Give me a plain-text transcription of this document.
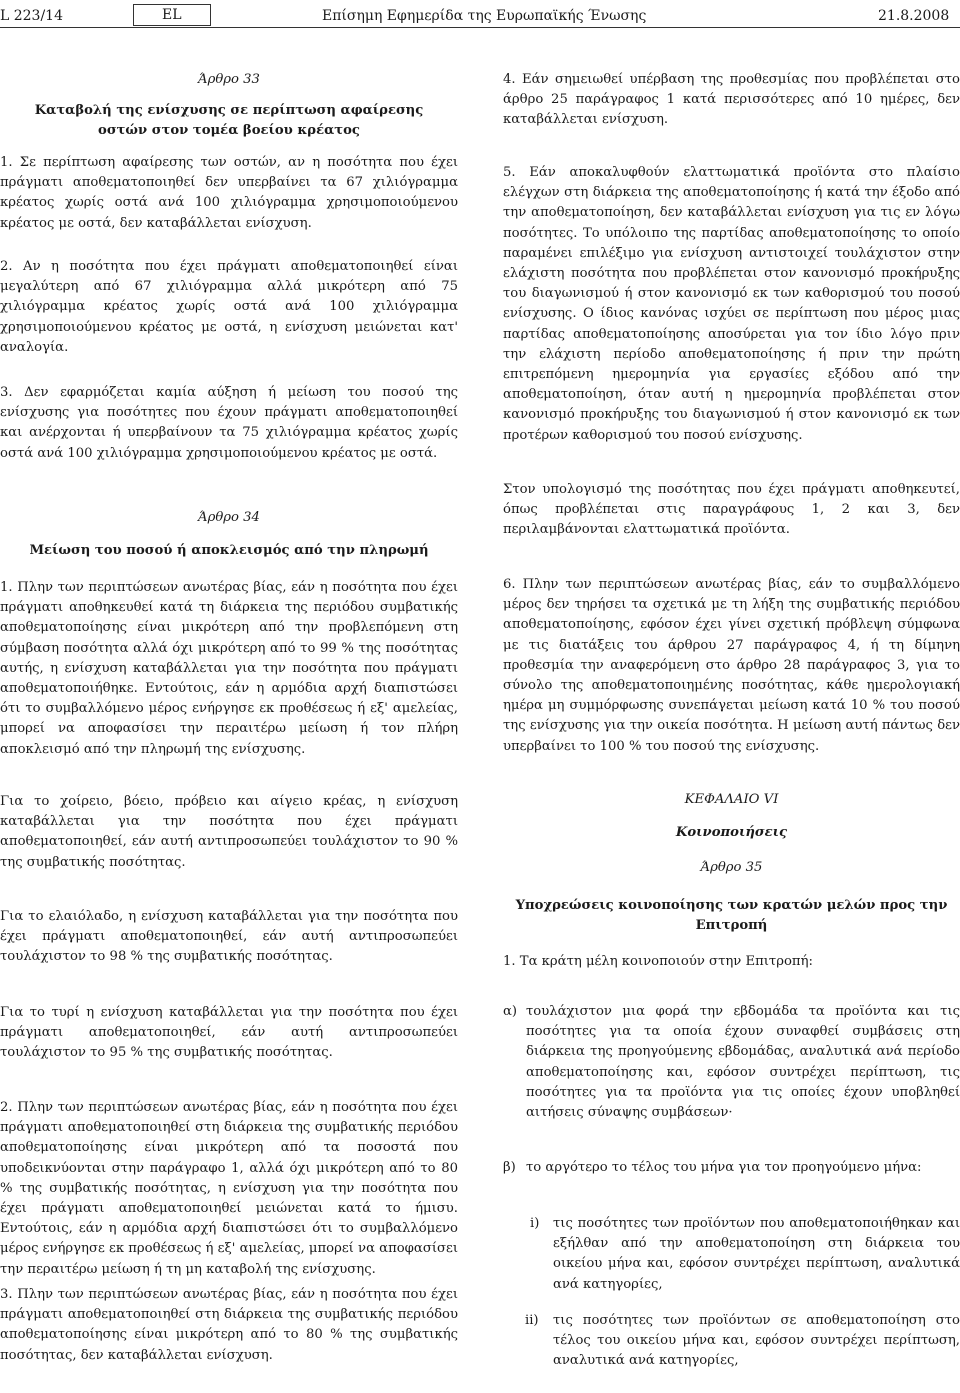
L 223/14	EL	Επίσημη Εφημερίδα της Ευρωπαϊκής Ένωσης	21.8.2008
Άρθρο 33
Καταβολή της ενίσχυσης σε περίπτωση αφαίρεσης οστών στον τομέα βοείου κρέατος
1. Σε περίπτωση αφαίρεσης των οστών, αν η ποσότητα που έχει πράγματι αποθεματοποιηθεί δεν υπερβαίνει τα 67 χιλιόγραμμα κρέατος χωρίς οστά ανά 100 χιλιόγραμμα χρησιμοποιούμενου κρέατος με οστά, δεν καταβάλλεται ενίσχυση.
2. Αν η ποσότητα που έχει πράγματι αποθεματοποιηθεί είναι μεγαλύτερη από 67 χιλιόγραμμα αλλά μικρότερη από 75 χιλιόγραμμα κρέατος χωρίς οστά ανά 100 χιλιόγραμμα χρησιμοποιούμενου κρέατος με οστά, η ενίσχυση μειώνεται κατ' αναλογία.
3. Δεν εφαρμόζεται καμία αύξηση ή μείωση του ποσού της ενίσχυσης για ποσότητες που έχουν πράγματι αποθεματοποιηθεί και ανέρχονται ή υπερβαίνουν τα 75 χιλιόγραμμα κρέατος χωρίς οστά ανά 100 χιλιόγραμμα χρησιμοποιούμενου κρέατος με οστά.
Άρθρο 34
Μείωση του ποσού ή αποκλεισμός από την πληρωμή
1. Πλην των περιπτώσεων ανωτέρας βίας, εάν η ποσότητα που έχει πράγματι αποθηκευθεί κατά τη διάρκεια της περιόδου συμβατικής αποθεματοποίησης είναι μικρότερη από την προβλεπόμενη στη σύμβαση ποσότητα αλλά όχι μικρότερη από το 99 % της ποσότητας αυτής, η ενίσχυση καταβάλλεται για την ποσότητα που πράγματι αποθεματοποιήθηκε. Εντούτοις, εάν η αρμόδια αρχή διαπιστώσει ότι το συμβαλλόμενο μέρος ενήργησε εκ προθέσεως ή εξ' αμελείας, μπορεί να αποφασίσει την περαιτέρω μείωση ή τον πλήρη αποκλεισμό από την πληρωμή της ενίσχυσης.
Για το χοίρειο, βόειο, πρόβειο και αίγειο κρέας, η ενίσχυση καταβάλλεται για την ποσότητα που έχει πράγματι αποθεματοποιηθεί, εάν αυτή αντιπροσωπεύει τουλάχιστον το 90 % της συμβατικής ποσότητας.
Για το ελαιόλαδο, η ενίσχυση καταβάλλεται για την ποσότητα που έχει πράγματι αποθεματοποιηθεί, εάν αυτή αντιπροσωπεύει τουλάχιστον το 98 % της συμβατικής ποσότητας.
Για το τυρί η ενίσχυση καταβάλλεται για την ποσότητα που έχει πράγματι αποθεματοποιηθεί, εάν αυτή αντιπροσωπεύει τουλάχιστον το 95 % της συμβατικής ποσότητας.
2. Πλην των περιπτώσεων ανωτέρας βίας, εάν η ποσότητα που έχει πράγματι αποθεματοποιηθεί στη διάρκεια της συμβατικής περιόδου αποθεματοποίησης είναι μικρότερη από τα ποσοστά που υποδεικνύονται στην παράγραφο 1, αλλά όχι μικρότερη από το 80 % της συμβατικής ποσότητας, η ενίσχυση για την ποσότητα που έχει πράγματι αποθεματοποιηθεί μειώνεται κατά το ήμισυ. Εντούτοις, εάν η αρμόδια αρχή διαπιστώσει ότι το συμβαλλόμενο μέρος ενήργησε εκ προθέσεως ή εξ' αμελείας, μπορεί να αποφασίσει την περαιτέρω μείωση ή τη μη καταβολή της ενίσχυσης.
3. Πλην των περιπτώσεων ανωτέρας βίας, εάν η ποσότητα που έχει πράγματι αποθεματοποιηθεί στη διάρκεια της συμβατικής περιόδου αποθεματοποίησης είναι μικρότερη από το 80 % της συμβατικής ποσότητας, δεν καταβάλλεται ενίσχυση.
4. Εάν σημειωθεί υπέρβαση της προθεσμίας που προβλέπεται στο άρθρο 25 παράγραφος 1 κατά περισσότερες από 10 ημέρες, δεν καταβάλλεται ενίσχυση.
5. Εάν αποκαλυφθούν ελαττωματικά προϊόντα στο πλαίσιο ελέγχων στη διάρκεια της αποθεματοποίησης ή κατά την έξοδο από την αποθεματοποίηση, δεν καταβάλλεται ενίσχυση για τις εν λόγω ποσότητες. Το υπόλοιπο της παρτίδας αποθεματοποίησης το οποίο παραμένει επιλέξιμο για ενίσχυση αντιστοιχεί τουλάχιστον στην ελάχιστη ποσότητα που προβλέπεται στον κανονισμό προκήρυξης του διαγωνισμού ή στον κανονισμό εκ των καθορισμού του ποσού ενίσχυσης. Ο ίδιος κανόνας ισχύει σε περίπτωση που μέρος μιας παρτίδας αποθεματοποίησης αποσύρεται για τον ίδιο λόγο πριν την ελάχιστη περίοδο αποθεματοποίησης ή πριν την πρώτη επιτρεπόμενη ημερομηνία για εργασίες εξόδου από την αποθεματοποίηση, όταν αυτή η ημερομηνία προβλέπεται στον κανονισμό προκήρυξης του διαγωνισμού ή στον κανονισμό εκ των προτέρων καθορισμού του ποσού ενίσχυσης.
Στον υπολογισμό της ποσότητας που έχει πράγματι αποθηκευτεί, όπως προβλέπεται στις παραγράφους 1, 2 και 3, δεν περιλαμβάνονται ελαττωματικά προϊόντα.
6. Πλην των περιπτώσεων ανωτέρας βίας, εάν το συμβαλλόμενο μέρος δεν τηρήσει τα σχετικά με τη λήξη της συμβατικής περιόδου αποθεματοποίησης, εφόσον έχει γίνει σχετική πρόβλεψη σύμφωνα με τις διατάξεις του άρθρου 27 παράγραφος 4, ή τη δίμηνη προθεσμία την αναφερόμενη στο άρθρο 28 παράγραφος 3, για το σύνολο της αποθεματοποιημένης ποσότητας, κάθε ημερολογιακή ημέρα μη συμμόρφωσης συνεπάγεται μείωση κατά 10 % του ποσού της ενίσχυσης για την οικεία ποσότητα. Η μείωση αυτή πάντως δεν υπερβαίνει το 100 % του ποσού της ενίσχυσης.
ΚΕΦΑΛΑΙΟ VI
Κοινοποιήσεις
Άρθρο 35
Υποχρεώσεις κοινοποίησης των κρατών μελών προς την Επιτροπή
1. Τα κράτη μέλη κοινοποιούν στην Επιτροπή:
α) τουλάχιστον μια φορά την εβδομάδα τα προϊόντα και τις ποσότητες για τα οποία έχουν συναφθεί συμβάσεις στη διάρκεια της προηγούμενης εβδομάδας, αναλυτικά ανά περίοδο αποθεματοποίησης και, εφόσον συντρέχει περίπτωση, τις ποσότητες για τα προϊόντα για τις οποίες έχουν υποβληθεί αιτήσεις σύναψης συμβάσεων·
β) το αργότερο το τέλος του μήνα για τον προηγούμενο μήνα:
i) τις ποσότητες των προϊόντων που αποθεματοποιήθηκαν και εξήλθαν από την αποθεματοποίηση στη διάρκεια του οικείου μήνα και, εφόσον συντρέχει περίπτωση, αναλυτικά ανά κατηγορίες,
ii) τις ποσότητες των προϊόντων σε αποθεματοποίηση στο τέλος του οικείου μήνα και, εφόσον συντρέχει περίπτωση, αναλυτικά ανά κατηγορίες,
